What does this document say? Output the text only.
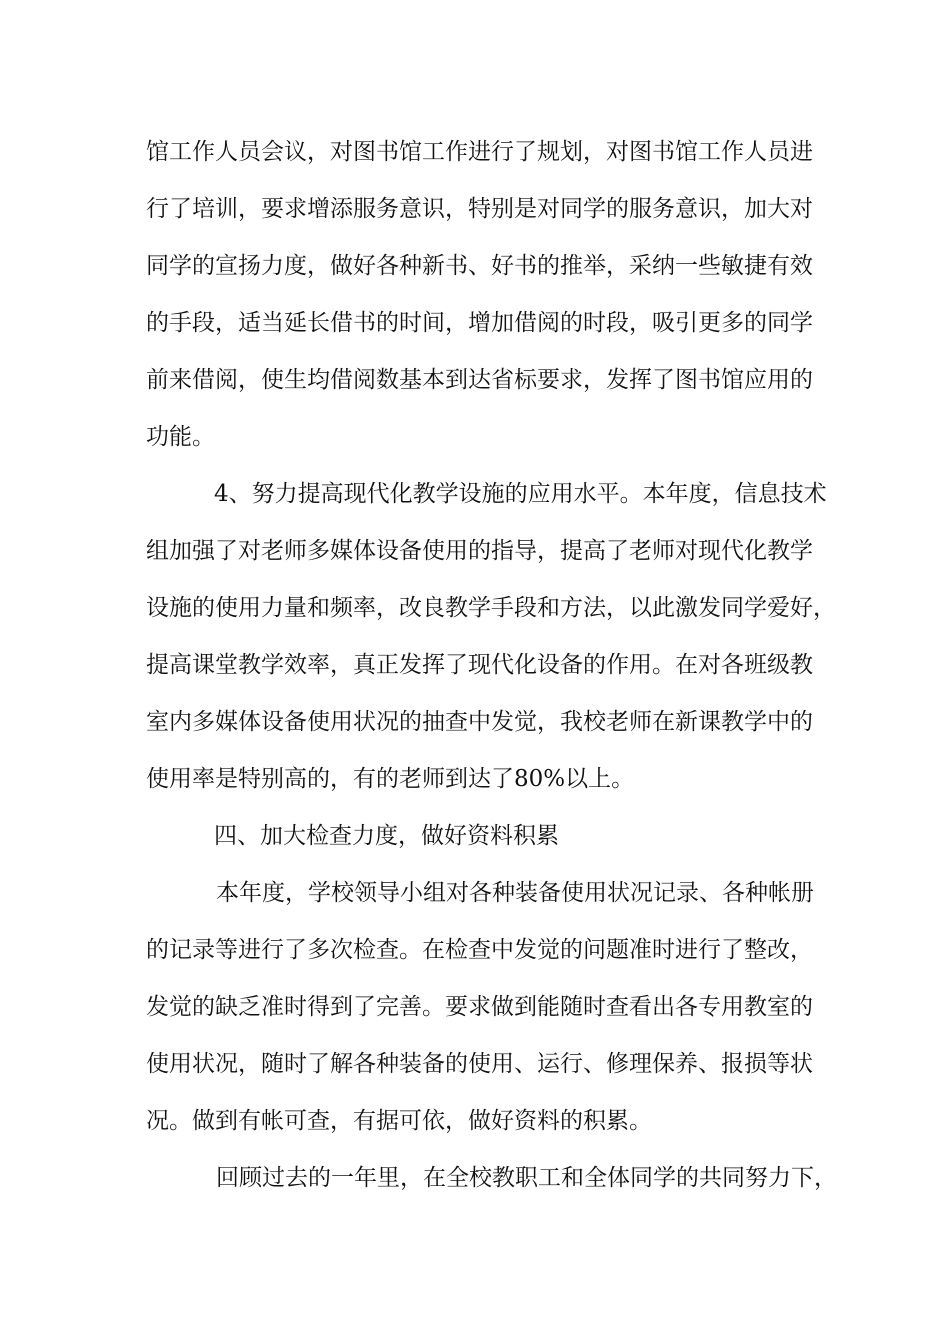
馆工作人员会议，对图书馆工作进行了规划，对图书馆工作人员进

行了培训，要求增添服务意识，特别是对同学的服务意识，加大对

同学的宣扬力度，做好各种新书、好书的推举，采纳一些敏捷有效

的手段，适当延长借书的时间，增加借阅的时段，吸引更多的同学

前来借阅，使生均借阅数基本到达省标要求，发挥了图书馆应用的

功能。

4、努力提高现代化教学设施的应用水平。本年度，信息技术

组加强了对老师多媒体设备使用的指导，提高了老师对现代化教学

设施的使用力量和频率，改良教学手段和方法，以此激发同学爱好，

提高课堂教学效率，真正发挥了现代化设备的作用。在对各班级教

室内多媒体设备使用状况的抽查中发觉，我校老师在新课教学中的

使用率是特别高的，有的老师到达了80%以上。

四、加大检查力度，做好资料积累

本年度，学校领导小组对各种装备使用状况记录、各种帐册

的记录等进行了多次检查。在检查中发觉的问题准时进行了整改，

发觉的缺乏准时得到了完善。要求做到能随时查看出各专用教室的

使用状况，随时了解各种装备的使用、运行、修理保养、报损等状

况。做到有帐可查，有据可依，做好资料的积累。

回顾过去的一年里，在全校教职工和全体同学的共同努力下，
